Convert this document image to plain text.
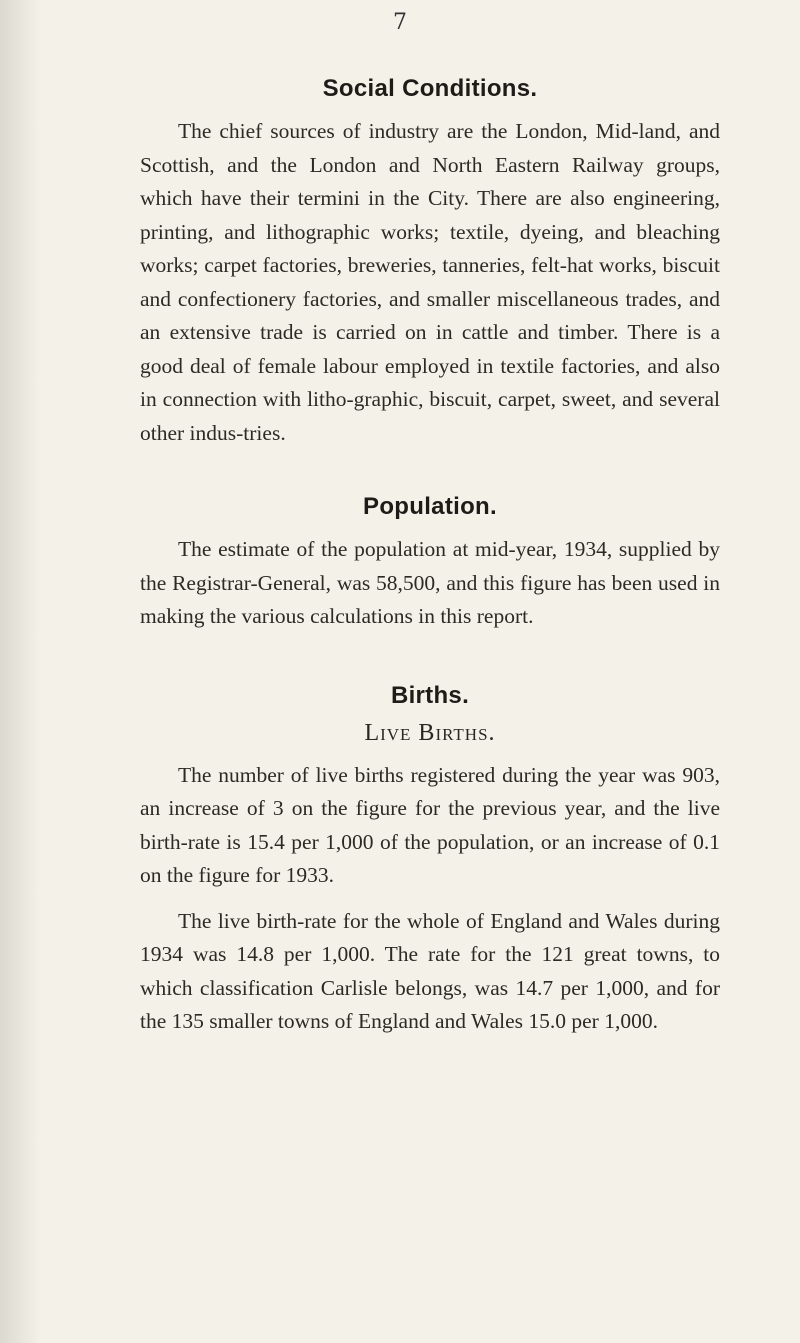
7
Social Conditions.

The chief sources of industry are the London, Mid-land, and Scottish, and the London and North Eastern Railway groups, which have their termini in the City. There are also engineering, printing, and lithographic works; textile, dyeing, and bleaching works; carpet factories, breweries, tanneries, felt-hat works, biscuit and confectionery factories, and smaller miscellaneous trades, and an extensive trade is carried on in cattle and timber. There is a good deal of female labour employed in textile factories, and also in connection with litho-graphic, biscuit, carpet, sweet, and several other indus-tries.

Population.

The estimate of the population at mid-year, 1934, supplied by the Registrar-General, was 58,500, and this figure has been used in making the various calculations in this report.

Births.
Live Births.

The number of live births registered during the year was 903, an increase of 3 on the figure for the previous year, and the live birth-rate is 15.4 per 1,000 of the population, or an increase of 0.1 on the figure for 1933.

The live birth-rate for the whole of England and Wales during 1934 was 14.8 per 1,000. The rate for the 121 great towns, to which classification Carlisle belongs, was 14.7 per 1,000, and for the 135 smaller towns of England and Wales 15.0 per 1,000.
